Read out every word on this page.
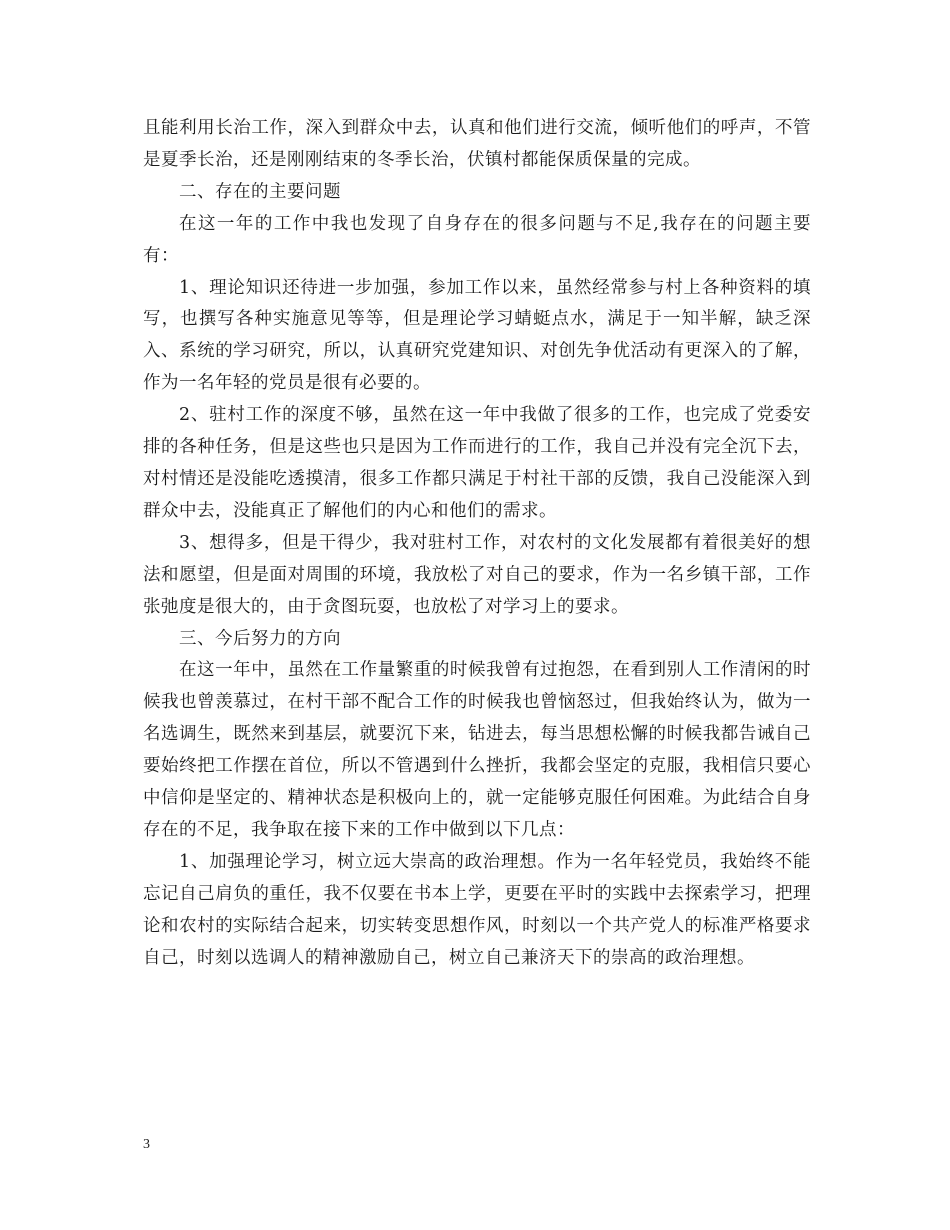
且能利用长治工作，深入到群众中去，认真和他们进行交流，倾听他们的呼声，不管是夏季长治，还是刚刚结束的冬季长治，伏镇村都能保质保量的完成。

二、存在的主要问题

在这一年的工作中我也发现了自身存在的很多问题与不足,我存在的问题主要有：

1、理论知识还待进一步加强，参加工作以来，虽然经常参与村上各种资料的填写，也撰写各种实施意见等等，但是理论学习蜻蜓点水，满足于一知半解，缺乏深入、系统的学习研究，所以，认真研究党建知识、对创先争优活动有更深入的了解，作为一名年轻的党员是很有必要的。

2、驻村工作的深度不够，虽然在这一年中我做了很多的工作，也完成了党委安排的各种任务，但是这些也只是因为工作而进行的工作，我自己并没有完全沉下去，对村情还是没能吃透摸清，很多工作都只满足于村社干部的反馈，我自己没能深入到群众中去，没能真正了解他们的内心和他们的需求。

3、想得多，但是干得少，我对驻村工作，对农村的文化发展都有着很美好的想法和愿望，但是面对周围的环境，我放松了对自己的要求，作为一名乡镇干部，工作张弛度是很大的，由于贪图玩耍，也放松了对学习上的要求。

三、今后努力的方向

在这一年中，虽然在工作量繁重的时候我曾有过抱怨，在看到别人工作清闲的时候我也曾羡慕过，在村干部不配合工作的时候我也曾恼怒过，但我始终认为，做为一名选调生，既然来到基层，就要沉下来，钻进去，每当思想松懈的时候我都告诫自己要始终把工作摆在首位，所以不管遇到什么挫折，我都会坚定的克服，我相信只要心中信仰是坚定的、精神状态是积极向上的，就一定能够克服任何困难。为此结合自身存在的不足，我争取在接下来的工作中做到以下几点：

1、加强理论学习，树立远大崇高的政治理想。作为一名年轻党员，我始终不能忘记自己肩负的重任，我不仅要在书本上学，更要在平时的实践中去探索学习，把理论和农村的实际结合起来，切实转变思想作风，时刻以一个共产党人的标准严格要求自己，时刻以选调人的精神激励自己，树立自己兼济天下的崇高的政治理想。

3
